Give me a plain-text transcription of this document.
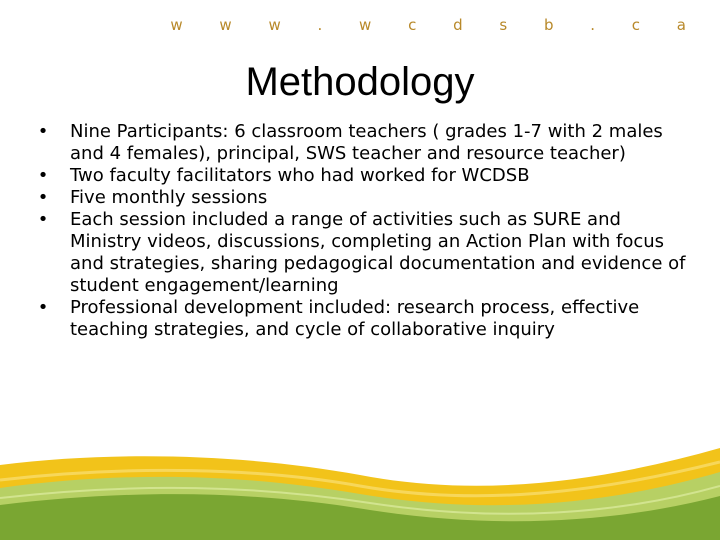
w w w . w c d s b . c a
Methodology
• Nine Participants: 6 classroom teachers ( grades 1-7 with 2 males and 4 females), principal, SWS teacher and resource teacher)
• Two faculty facilitators who had worked for WCDSB
• Five monthly sessions
• Each session included a range of activities such as SURE and Ministry videos, discussions, completing an Action Plan with focus and strategies, sharing pedagogical documentation and evidence of student engagement/learning
• Professional development included: research process, effective teaching strategies, and cycle of collaborative inquiry
